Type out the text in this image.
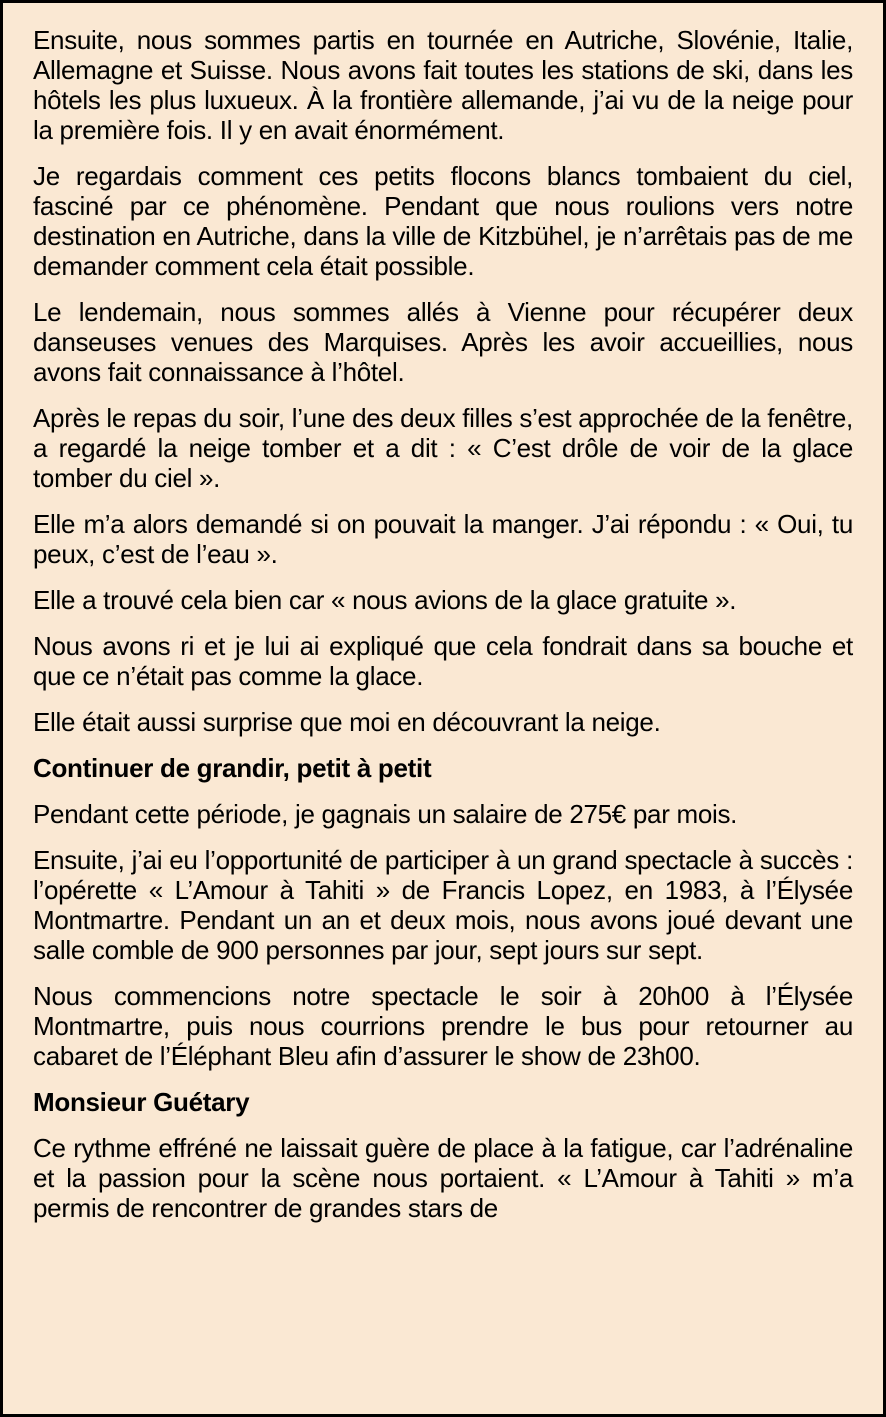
Ensuite, nous sommes partis en tournée en Autriche, Slovénie, Italie, Allemagne et Suisse. Nous avons fait toutes les stations de ski, dans les hôtels les plus luxueux. À la frontière allemande, j’ai vu de la neige pour la première fois. Il y en avait énormément.

Je regardais comment ces petits flocons blancs tombaient du ciel, fasciné par ce phénomène. Pendant que nous roulions vers notre destination en Autriche, dans la ville de Kitzbühel, je n’arrêtais pas de me demander comment cela était possible.

Le lendemain, nous sommes allés à Vienne pour récupérer deux danseuses venues des Marquises. Après les avoir accueillies, nous avons fait connaissance à l’hôtel.

Après le repas du soir, l’une des deux filles s’est approchée de la fenêtre, a regardé la neige tomber et a dit : « C’est drôle de voir de la glace tomber du ciel ».

Elle m’a alors demandé si on pouvait la manger. J’ai répondu : « Oui, tu peux, c’est de l’eau ».

Elle a trouvé cela bien car « nous avions de la glace gratuite ».

Nous avons ri et je lui ai expliqué que cela fondrait dans sa bouche et que ce n’était pas comme la glace.

Elle était aussi surprise que moi en découvrant la neige.

Continuer de grandir, petit à petit

Pendant cette période, je gagnais un salaire de 275€ par mois.

Ensuite, j’ai eu l’opportunité de participer à un grand spectacle à succès : l’opérette « L’Amour à Tahiti » de Francis Lopez, en 1983, à l’Élysée Montmartre. Pendant un an et deux mois, nous avons joué devant une salle comble de 900 personnes par jour, sept jours sur sept.

Nous commencions notre spectacle le soir à 20h00 à l’Élysée Montmartre, puis nous courrions prendre le bus pour retourner au cabaret de l’Éléphant Bleu afin d’assurer le show de 23h00.

Monsieur Guétary

Ce rythme effréné ne laissait guère de place à la fatigue, car l’adrénaline et la passion pour la scène nous portaient. « L’Amour à Tahiti » m’a permis de rencontrer de grandes stars de
